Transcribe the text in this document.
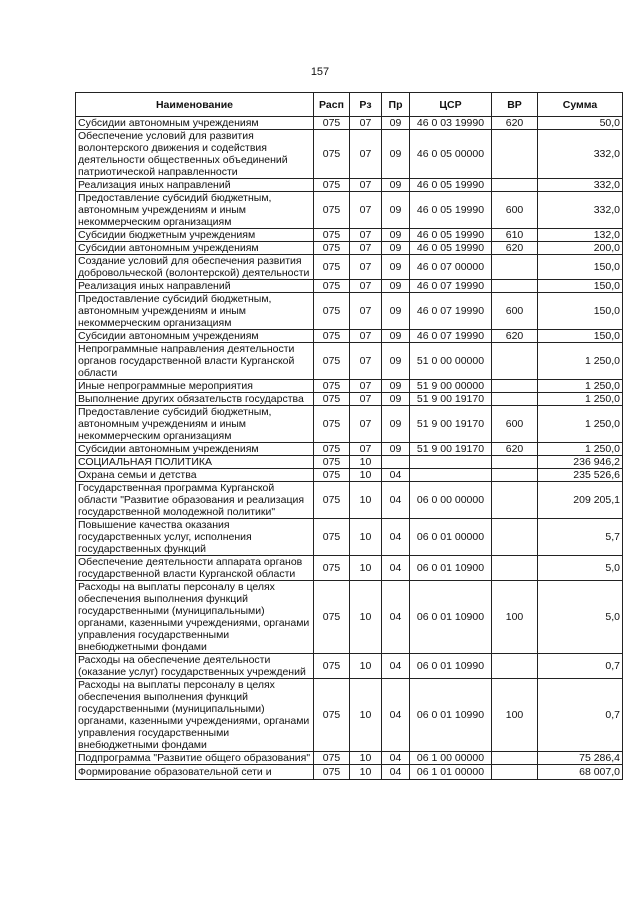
157
Наименование	Расп	Рз	Пр	ЦСР	ВР	Сумма
Субсидии автономным учреждениям	075	07	09	46 0 03 19990	620	50,0
Обеспечение условий для развития волонтерского движения и содействия деятельности общественных объединений патриотической направленности	075	07	09	46 0 05 00000		332,0
Реализация иных направлений	075	07	09	46 0 05 19990		332,0
Предоставление субсидий бюджетным, автономным учреждениям и иным некоммерческим организациям	075	07	09	46 0 05 19990	600	332,0
Субсидии бюджетным учреждениям	075	07	09	46 0 05 19990	610	132,0
Субсидии автономным учреждениям	075	07	09	46 0 05 19990	620	200,0
Создание условий для обеспечения развития добровольческой (волонтерской) деятельности	075	07	09	46 0 07 00000		150,0
Реализация иных направлений	075	07	09	46 0 07 19990		150,0
Предоставление субсидий бюджетным, автономным учреждениям и иным некоммерческим организациям	075	07	09	46 0 07 19990	600	150,0
Субсидии автономным учреждениям	075	07	09	46 0 07 19990	620	150,0
Непрограммные направления деятельности органов государственной власти Курганской области	075	07	09	51 0 00 00000		1 250,0
Иные непрограммные мероприятия	075	07	09	51 9 00 00000		1 250,0
Выполнение других обязательств государства	075	07	09	51 9 00 19170		1 250,0
Предоставление субсидий бюджетным, автономным учреждениям и иным некоммерческим организациям	075	07	09	51 9 00 19170	600	1 250,0
Субсидии автономным учреждениям	075	07	09	51 9 00 19170	620	1 250,0
СОЦИАЛЬНАЯ ПОЛИТИКА	075	10				236 946,2
Охрана семьи и детства	075	10	04			235 526,6
Государственная программа Курганской области "Развитие образования и реализация государственной молодежной политики"	075	10	04	06 0 00 00000		209 205,1
Повышение качества оказания государственных услуг, исполнения государственных функций	075	10	04	06 0 01 00000		5,7
Обеспечение деятельности аппарата органов государственной власти Курганской области	075	10	04	06 0 01 10900		5,0
Расходы на выплаты персоналу в целях обеспечения выполнения функций государственными (муниципальными) органами, казенными учреждениями, органами управления государственными внебюджетными фондами	075	10	04	06 0 01 10900	100	5,0
Расходы на обеспечение деятельности (оказание услуг) государственных учреждений	075	10	04	06 0 01 10990		0,7
Расходы на выплаты персоналу в целях обеспечения выполнения функций государственными (муниципальными) органами, казенными учреждениями, органами управления государственными внебюджетными фондами	075	10	04	06 0 01 10990	100	0,7
Подпрограмма "Развитие общего образования"	075	10	04	06 1 00 00000		75 286,4
Формирование образовательной сети и	075	10	04	06 1 01 00000		68 007,0
